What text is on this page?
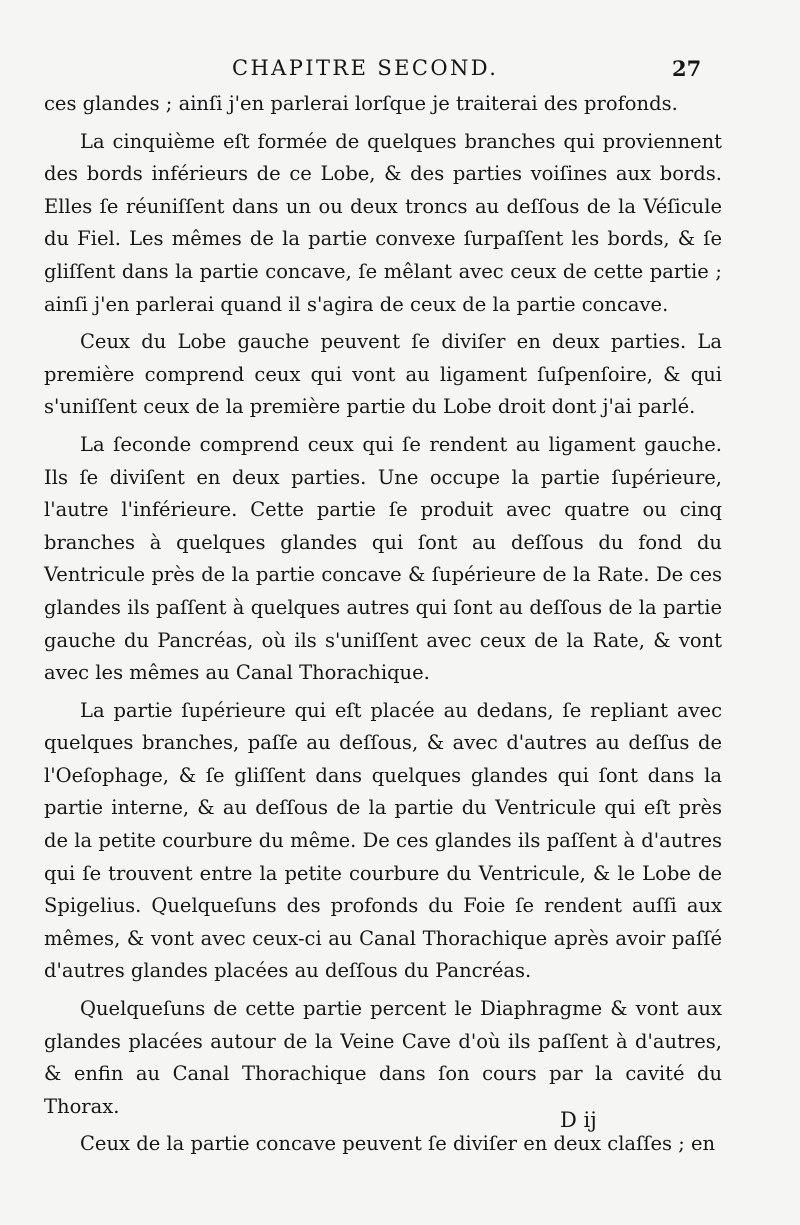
CHAPITRE SECOND.	27

ces glandes ; ainſi j'en parlerai lorſque je traiterai des profonds.

La cinquième eſt formée de quelques branches qui proviennent des bords inférieurs de ce Lobe, & des parties voiſines aux bords. Elles ſe réuniſſent dans un ou deux troncs au deſſous de la Véſicule du Fiel. Les mêmes de la partie convexe ſurpaſſent les bords, & ſe gliſſent dans la partie concave, ſe mêlant avec ceux de cette partie ; ainſi j'en parlerai quand il s'agira de ceux de la partie concave.

Ceux du Lobe gauche peuvent ſe diviſer en deux parties. La première comprend ceux qui vont au ligament ſuſpenſoire, & qui s'uniſſent ceux de la première partie du Lobe droit dont j'ai parlé.

La ſeconde comprend ceux qui ſe rendent au ligament gauche. Ils ſe diviſent en deux parties. Une occupe la partie ſupérieure, l'autre l'inférieure. Cette partie ſe produit avec quatre ou cinq branches à quelques glandes qui ſont au deſſous du fond du Ventricule près de la partie concave & ſupérieure de la Rate. De ces glandes ils paſſent à quelques autres qui ſont au deſſous de la partie gauche du Pancréas, où ils s'uniſſent avec ceux de la Rate, & vont avec les mêmes au Canal Thorachique.

La partie ſupérieure qui eſt placée au dedans, ſe repliant avec quelques branches, paſſe au deſſous, & avec d'autres au deſſus de l'Oeſophage, & ſe gliſſent dans quelques glandes qui ſont dans la partie interne, & au deſſous de la partie du Ventricule qui eſt près de la petite courbure du même. De ces glandes ils paſſent à d'autres qui ſe trouvent entre la petite courbure du Ventricule, & le Lobe de Spigelius. Quelqueſuns des profonds du Foie ſe rendent auſſi aux mêmes, & vont avec ceux-ci au Canal Thorachique après avoir paſſé d'autres glandes placées au deſſous du Pancréas.

Quelqueſuns de cette partie percent le Diaphragme & vont aux glandes placées autour de la Veine Cave d'où ils paſſent à d'autres, & enfin au Canal Thorachique dans ſon cours par la cavité du Thorax.

Ceux de la partie concave peuvent ſe diviſer en deux claſſes ; en

D ij
